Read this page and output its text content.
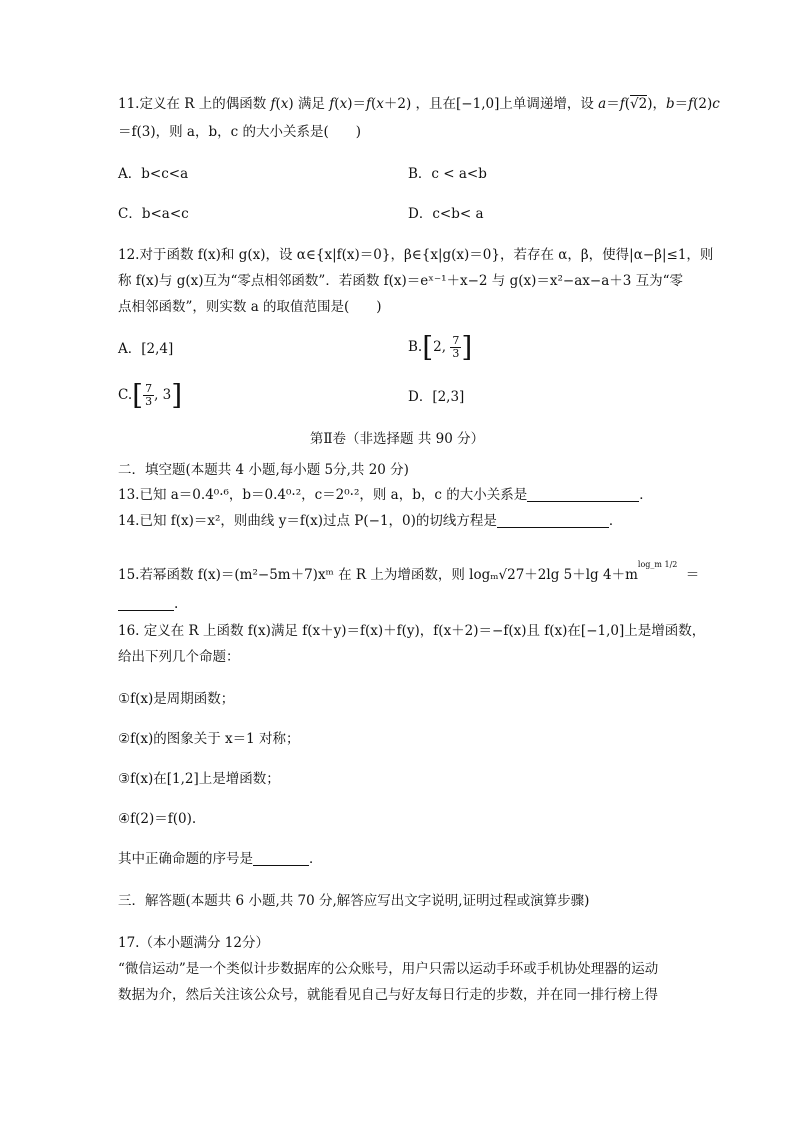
11.定义在 R 上的偶函数 f(x) 满足 f(x)＝f(x＋2) ，且在[−1,0]上单调递增，设 a＝f(√2)，b＝f(2)c
＝f(3)，则 a，b，c 的大小关系是(　　)
A．b<c<a	B．c < a<b
C．b<a<c	D．c<b< a
12.对于函数 f(x)和 g(x)，设 α∈{x|f(x)＝0}，β∈{x|g(x)＝0}，若存在 α，β，使得|α−β|≤1，则
称 f(x)与 g(x)互为“零点相邻函数”．若函数 f(x)＝eˣ⁻¹＋x−2 与 g(x)＝x²−ax−a＋3 互为“零
点相邻函数”，则实数 a 的取值范围是(　　)
A．[2,4]	B.[2, $\frac{7}{3}$ ]
$C.[ \frac{7}{3}$ , 3]	D．[2,3]
第Ⅱ卷（非选择题 共 90 分）
二．填空题(本题共 4 小题,每小题 5分,共 20 分)
13.已知 a＝0.4⁰·⁶，b＝0.4⁰·²，c＝2⁰·²，则 a，b，c 的大小关系是	．
14.已知 f(x)＝x²，则曲线 y＝f(x)过点 P(−1，0)的切线方程是	．
15.若幂函数 f(x)＝(m²−5m＋7)xᵐ 在 R 上为增函数，则 logₘ√27＋2lg 5＋lg $4+m^{log\_m 1/2}$ ＝
.
16. 定义在 R 上函数 f(x)满足 f(x＋y)＝f(x)＋f(y)，f(x＋2)＝−f(x)且 f(x)在[−1,0]上是增函数，
给出下列几个命题：
①f(x)是周期函数；
②f(x)的图象关于 x＝1 对称；
③f(x)在[1,2]上是增函数；
④f(2)＝f(0).
其中正确命题的序号是	．
三．解答题(本题共 6 小题,共 70 分,解答应写出文字说明,证明过程或演算步骤)
17.（本小题满分 12分）
“微信运动”是一个类似计步数据库的公众账号，用户只需以运动手环或手机协处理器的运动
数据为介，然后关注该公众号，就能看见自己与好友每日行走的步数，并在同一排行榜上得
